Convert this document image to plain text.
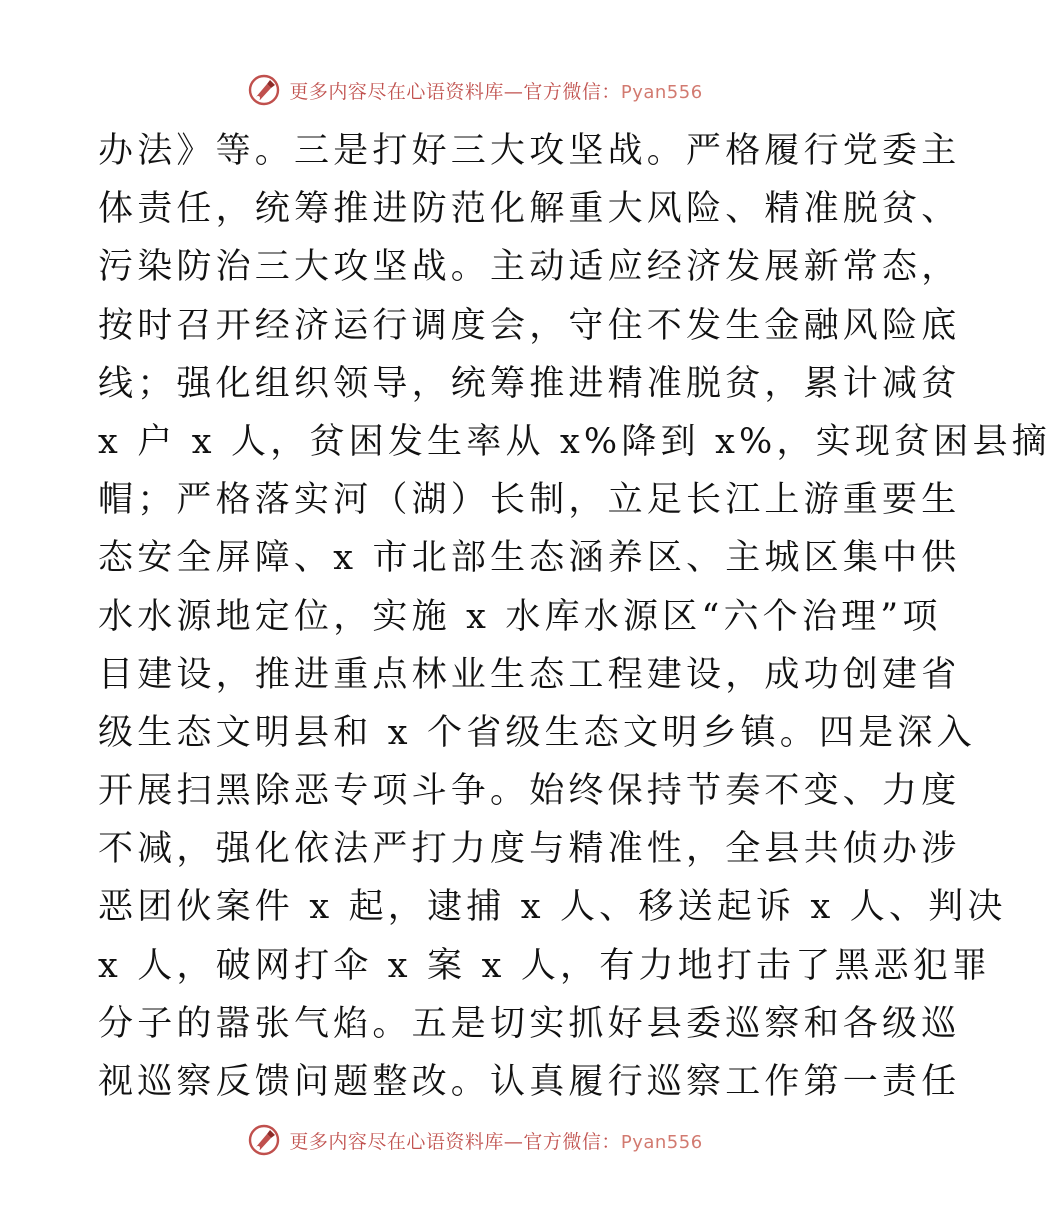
更多内容尽在心语资料库—官方微信：Pyan556
办法》等。三是打好三大攻坚战。严格履行党委主
体责任，统筹推进防范化解重大风险、精准脱贫、
污染防治三大攻坚战。主动适应经济发展新常态，
按时召开经济运行调度会，守住不发生金融风险底
线；强化组织领导，统筹推进精准脱贫，累计减贫
x 户 x 人，贫困发生率从 x%降到 x%，实现贫困县摘
帽；严格落实河（湖）长制，立足长江上游重要生
态安全屏障、x 市北部生态涵养区、主城区集中供
水水源地定位，实施 x 水库水源区“六个治理”项
目建设，推进重点林业生态工程建设，成功创建省
级生态文明县和 x 个省级生态文明乡镇。四是深入
开展扫黑除恶专项斗争。始终保持节奏不变、力度
不减，强化依法严打力度与精准性，全县共侦办涉
恶团伙案件 x 起，逮捕 x 人、移送起诉 x 人、判决
x 人，破网打伞 x 案 x 人，有力地打击了黑恶犯罪
分子的嚣张气焰。五是切实抓好县委巡察和各级巡
视巡察反馈问题整改。认真履行巡察工作第一责任
更多内容尽在心语资料库—官方微信：Pyan556
